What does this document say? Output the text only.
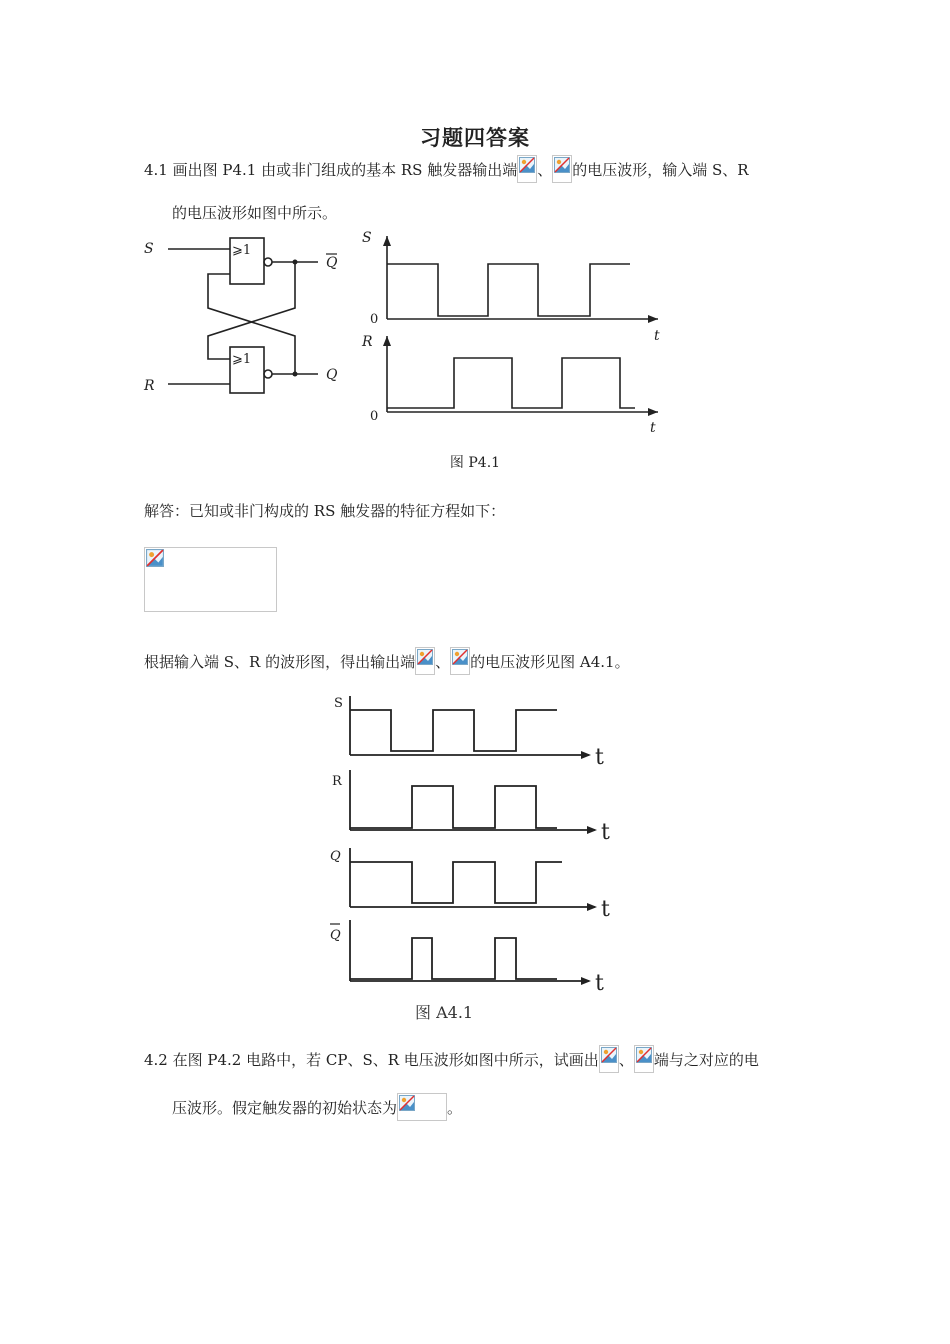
习题四答案
4.1 画出图 P4.1 由或非门组成的基本 RS 触发器输出端 、 的电压波形，输入端 S、R
的电压波形如图中所示。
S
R
Q
Q
S
R	t
t
⩾1
⩾1
0
0
图 P4.1
解答：已知或非门构成的 RS 触发器的特征方程如下：
根据输入端 S、R 的波形图，得出输出端 、 的电压波形见图 A4.1。
S
R
Q
Q
t
t
t
t
图 A4.1
4.2 在图 P4.2 电路中，若 CP、S、R 电压波形如图中所示，试画出 、 端与之对应的电
压波形。假定触发器的初始状态为	。
